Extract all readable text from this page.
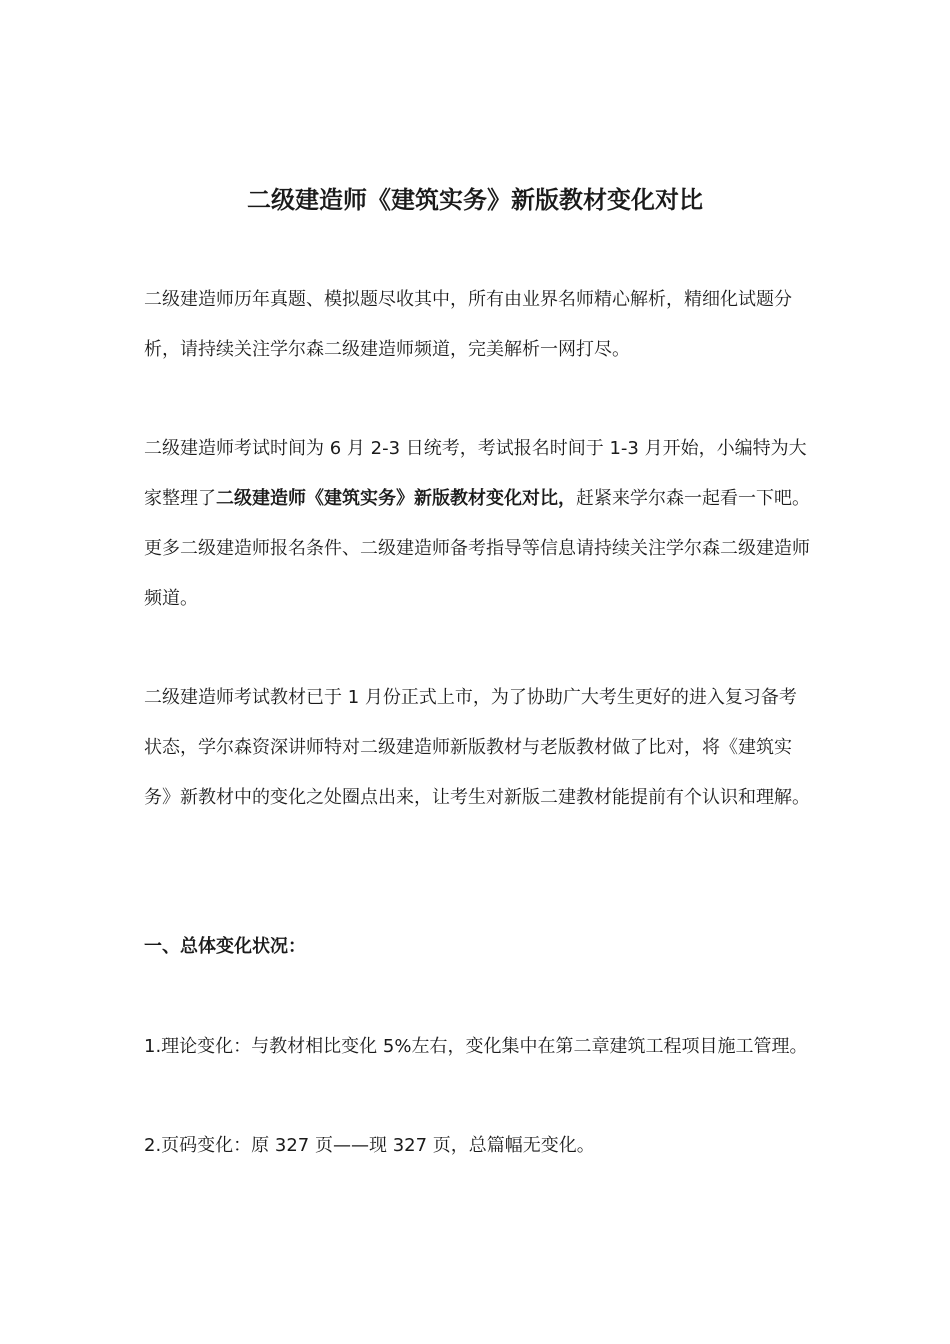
二级建造师《建筑实务》新版教材变化对比

二级建造师历年真题、模拟题尽收其中，所有由业界名师精心解析，精细化试题分析，请持续关注学尔森二级建造师频道，完美解析一网打尽。

二级建造师考试时间为 6 月 2-3 日统考，考试报名时间于 1-3 月开始，小编特为大家整理了二级建造师《建筑实务》新版教材变化对比，赶紧来学尔森一起看一下吧。更多二级建造师报名条件、二级建造师备考指导等信息请持续关注学尔森二级建造师频道。

二级建造师考试教材已于 1 月份正式上市，为了协助广大考生更好的进入复习备考状态，学尔森资深讲师特对二级建造师新版教材与老版教材做了比对，将《建筑实务》新教材中的变化之处圈点出来，让考生对新版二建教材能提前有个认识和理解。

一、总体变化状况：

1.理论变化：与教材相比变化 5%左右，变化集中在第二章建筑工程项目施工管理。

2.页码变化：原 327 页——现 327 页，总篇幅无变化。
